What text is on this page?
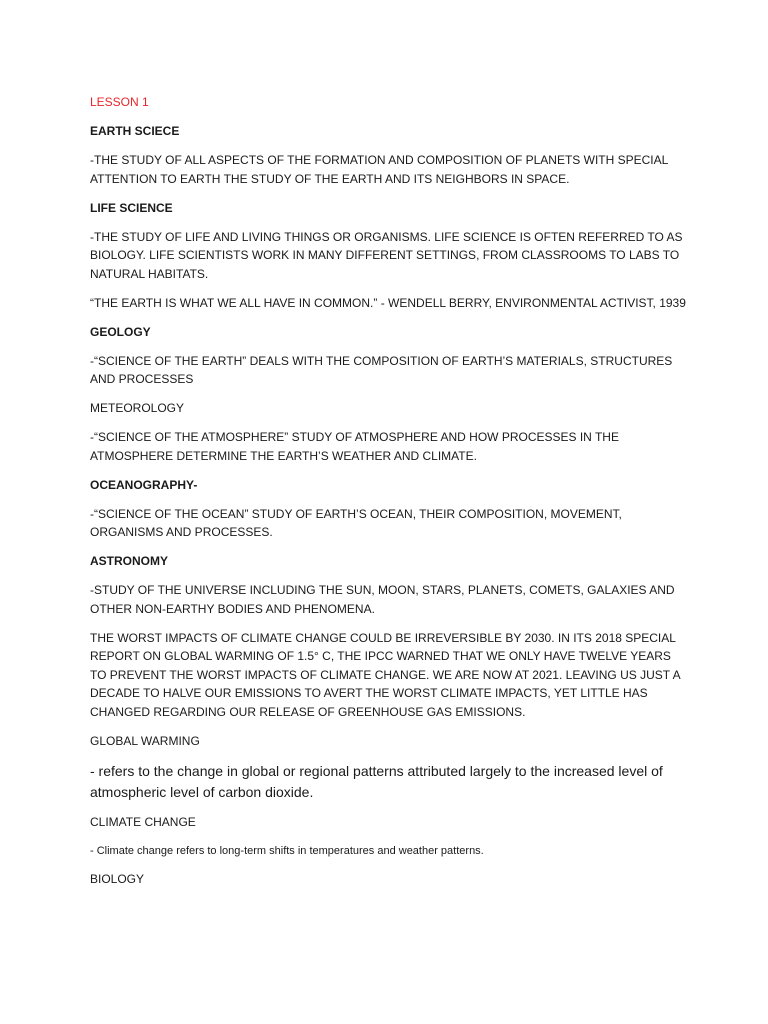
LESSON 1

EARTH SCIECE

-THE STUDY OF ALL ASPECTS OF THE FORMATION AND COMPOSITION OF PLANETS WITH SPECIAL ATTENTION TO EARTH THE STUDY OF THE EARTH AND ITS NEIGHBORS IN SPACE.

LIFE SCIENCE

-THE STUDY OF LIFE AND LIVING THINGS OR ORGANISMS. LIFE SCIENCE IS OFTEN REFERRED TO AS BIOLOGY. LIFE SCIENTISTS WORK IN MANY DIFFERENT SETTINGS, FROM CLASSROOMS TO LABS TO NATURAL HABITATS.

“THE EARTH IS WHAT WE ALL HAVE IN COMMON.” - WENDELL BERRY, ENVIRONMENTAL ACTIVIST, 1939

GEOLOGY

-“SCIENCE OF THE EARTH” DEALS WITH THE COMPOSITION OF EARTH’S MATERIALS, STRUCTURES AND PROCESSES

METEOROLOGY

-“SCIENCE OF THE ATMOSPHERE” STUDY OF ATMOSPHERE AND HOW PROCESSES IN THE ATMOSPHERE DETERMINE THE EARTH’S WEATHER AND CLIMATE.

OCEANOGRAPHY-

-“SCIENCE OF THE OCEAN” STUDY OF EARTH’S OCEAN, THEIR COMPOSITION, MOVEMENT, ORGANISMS AND PROCESSES.

ASTRONOMY

-STUDY OF THE UNIVERSE INCLUDING THE SUN, MOON, STARS, PLANETS, COMETS, GALAXIES AND OTHER NON-EARTHY BODIES AND PHENOMENA.

THE WORST IMPACTS OF CLIMATE CHANGE COULD BE IRREVERSIBLE BY 2030. IN ITS 2018 SPECIAL REPORT ON GLOBAL WARMING OF 1.5° C, THE IPCC WARNED THAT WE ONLY HAVE TWELVE YEARS TO PREVENT THE WORST IMPACTS OF CLIMATE CHANGE. WE ARE NOW AT 2021. LEAVING US JUST A DECADE TO HALVE OUR EMISSIONS TO AVERT THE WORST CLIMATE IMPACTS, YET LITTLE HAS CHANGED REGARDING OUR RELEASE OF GREENHOUSE GAS EMISSIONS.

GLOBAL WARMING

- refers to the change in global or regional patterns attributed largely to the increased level of atmospheric level of carbon dioxide.

CLIMATE CHANGE

- Climate change refers to long-term shifts in temperatures and weather patterns.

BIOLOGY
